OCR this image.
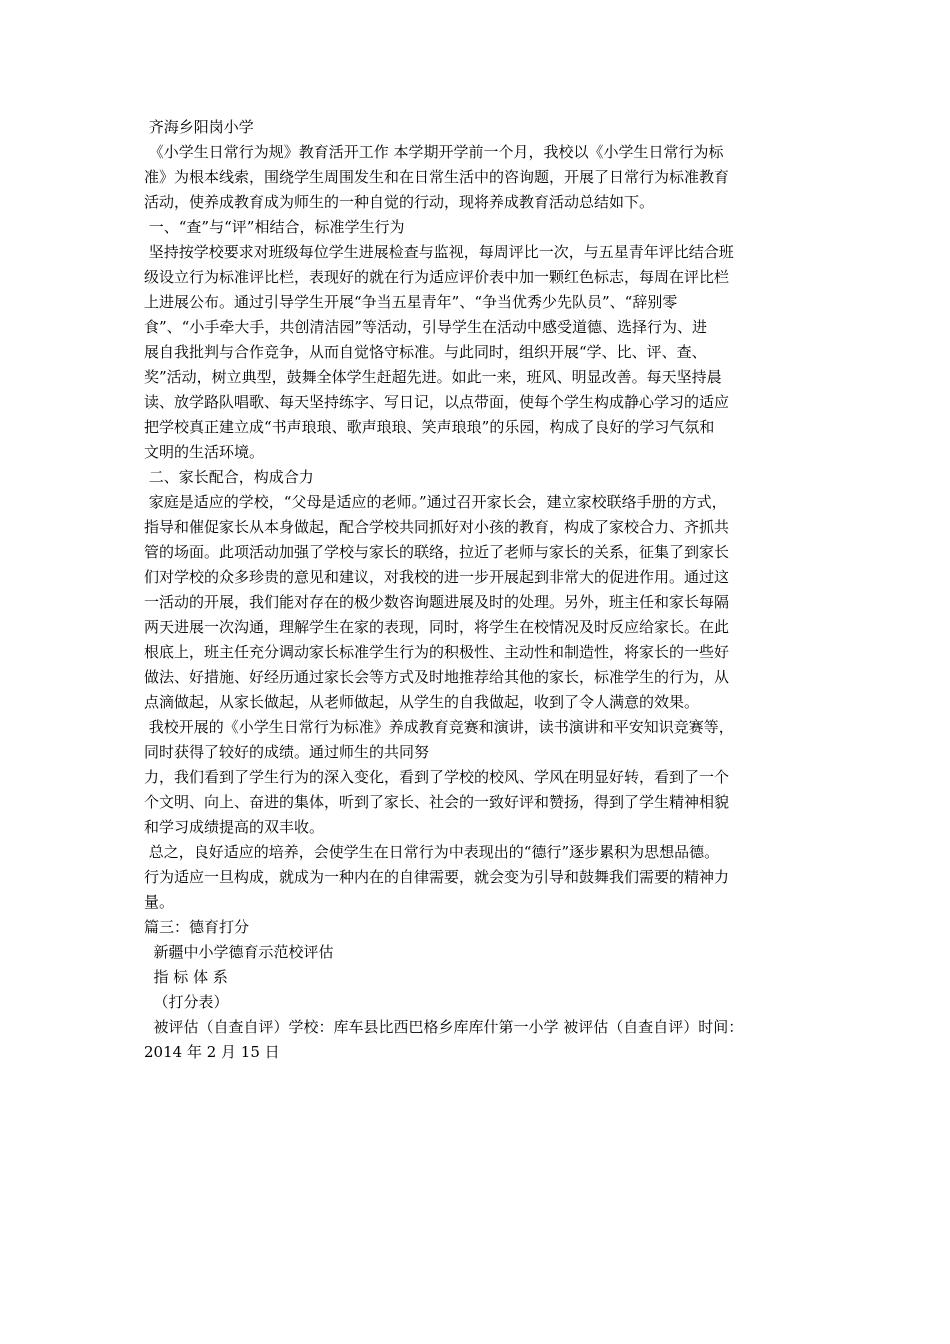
齐海乡阳岗小学
《小学生日常行为规》教育活开工作 本学期开学前一个月，我校以《小学生日常行为标
准》为根本线索，围绕学生周围发生和在日常生活中的咨询题，开展了日常行为标准教育
活动，使养成教育成为师生的一种自觉的行动，现将养成教育活动总结如下。
一、“查”与“评”相结合，标准学生行为
坚持按学校要求对班级每位学生进展检查与监视，每周评比一次，与五星青年评比结合班
级设立行为标准评比栏，表现好的就在行为适应评价表中加一颗红色标志，每周在评比栏
上进展公布。通过引导学生开展“争当五星青年”、“争当优秀少先队员”、“辞别零
食”、“小手牵大手，共创清洁园”等活动，引导学生在活动中感受道德、选择行为、进
展自我批判与合作竞争，从而自觉恪守标准。与此同时，组织开展“学、比、评、查、
奖”活动，树立典型，鼓舞全体学生赶超先进。如此一来，班风、明显改善。每天坚持晨
读、放学路队唱歌、每天坚持练字、写日记，以点带面，使每个学生构成静心学习的适应
把学校真正建立成“书声琅琅、歌声琅琅、笑声琅琅”的乐园，构成了良好的学习气氛和
文明的生活环境。
二、家长配合，构成合力
家庭是适应的学校，“父母是适应的老师。”通过召开家长会，建立家校联络手册的方式，
指导和催促家长从本身做起，配合学校共同抓好对小孩的教育，构成了家校合力、齐抓共
管的场面。此项活动加强了学校与家长的联络，拉近了老师与家长的关系，征集了到家长
们对学校的众多珍贵的意见和建议，对我校的进一步开展起到非常大的促进作用。通过这
一活动的开展，我们能对存在的极少数咨询题进展及时的处理。另外，班主任和家长每隔
两天进展一次沟通，理解学生在家的表现，同时，将学生在校情况及时反应给家长。在此
根底上，班主任充分调动家长标准学生行为的积极性、主动性和制造性，将家长的一些好
做法、好措施、好经历通过家长会等方式及时地推荐给其他的家长，标准学生的行为，从
点滴做起，从家长做起，从老师做起，从学生的自我做起，收到了令人满意的效果。
我校开展的《小学生日常行为标准》养成教育竞赛和演讲，读书演讲和平安知识竞赛等，
同时获得了较好的成绩。通过师生的共同努
力，我们看到了学生行为的深入变化，看到了学校的校风、学风在明显好转，看到了一个
个文明、向上、奋进的集体，听到了家长、社会的一致好评和赞扬，得到了学生精神相貌
和学习成绩提高的双丰收。
总之，良好适应的培养，会使学生在日常行为中表现出的“德行”逐步累积为思想品德。
行为适应一旦构成，就成为一种内在的自律需要，就会变为引导和鼓舞我们需要的精神力
量。
篇三：德育打分
新疆中小学德育示范校评估
指 标 体 系
（打分表）
被评估（自查自评）学校：库车县比西巴格乡库库什第一小学 被评估（自查自评）时间：
2014 年 2 月 15 日
